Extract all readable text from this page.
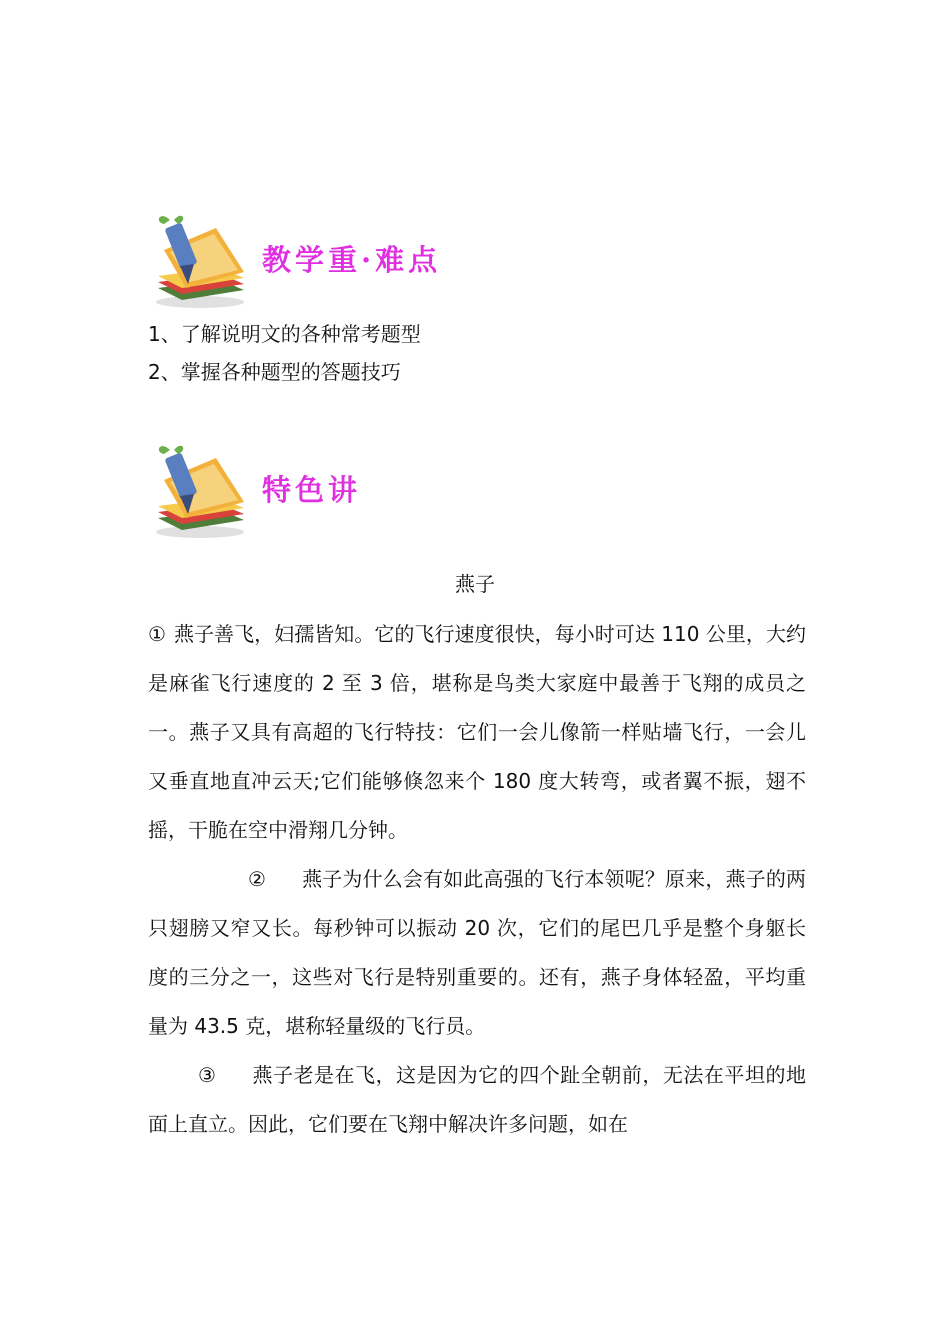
教学重·难点
1、了解说明文的各种常考题型
2、掌握各种题型的答题技巧
特色讲
燕子

① 燕子善飞，妇孺皆知。它的飞行速度很快，每小时可达 110 公里，大约是麻雀飞行速度的 2 至 3 倍，堪称是鸟类大家庭中最善于飞翔的成员之一。燕子又具有高超的飞行特技：它们一会儿像箭一样贴墙飞行，一会儿又垂直地直冲云天;它们能够倏忽来个 180 度大转弯，或者翼不振，翅不摇，干脆在空中滑翔几分钟。

② 燕子为什么会有如此高强的飞行本领呢？原来，燕子的两只翅膀又窄又长。每秒钟可以振动 20 次，它们的尾巴几乎是整个身躯长度的三分之一，这些对飞行是特别重要的。还有，燕子身体轻盈，平均重量为 43.5 克，堪称轻量级的飞行员。

③ 燕子老是在飞，这是因为它的四个趾全朝前，无法在平坦的地面上直立。因此，它们要在飞翔中解决许多问题，如在
